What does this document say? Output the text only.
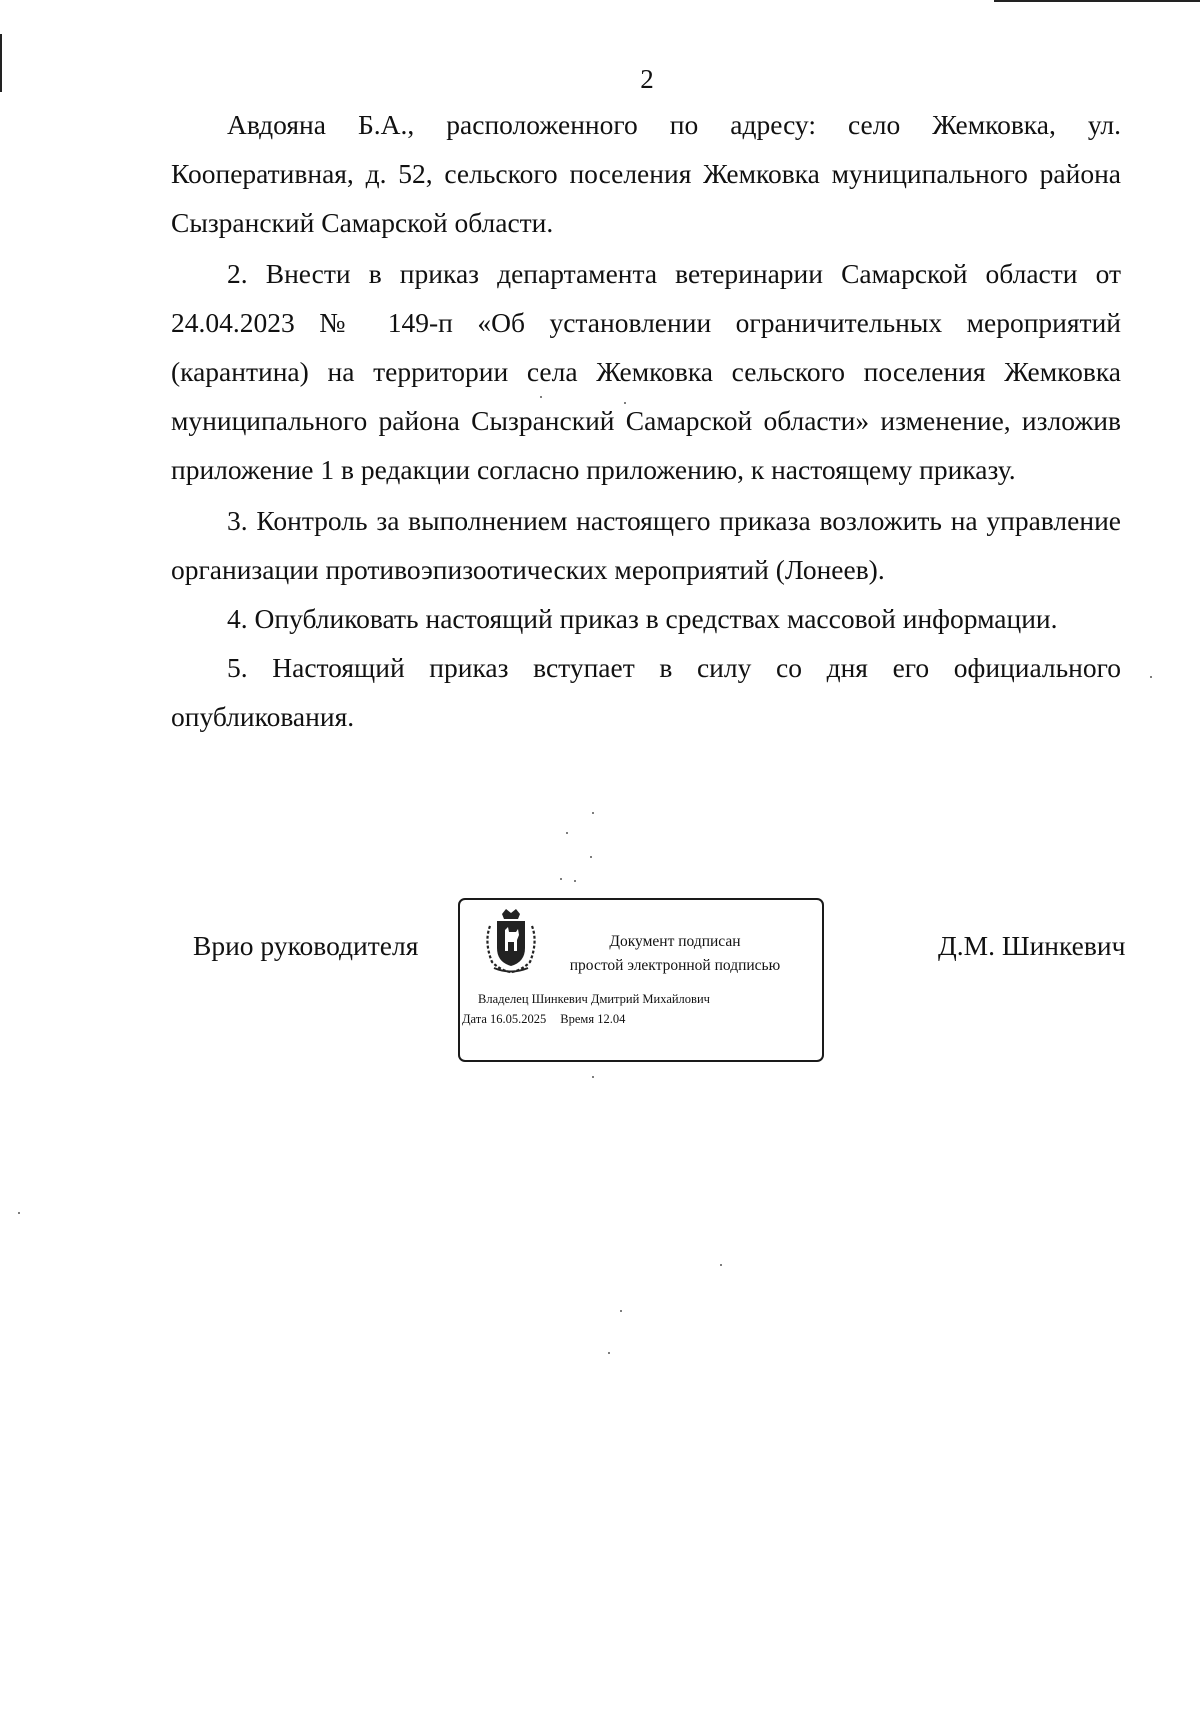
2

Авдояна Б.А., расположенного по адресу: село Жемковка, ул. Кооперативная, д. 52, сельского поселения Жемковка муниципального района Сызранский Самарской области.

2. Внести в приказ департамента ветеринарии Самарской области от 24.04.2023 № 149-п «Об установлении ограничительных мероприятий (карантина) на территории села Жемковка сельского поселения Жемковка муниципального района Сызранский Самарской области» изменение, изложив приложение 1 в редакции согласно приложению, к настоящему приказу.

3. Контроль за выполнением настоящего приказа возложить на управление организации противоэпизоотических мероприятий (Лонеев).

4. Опубликовать настоящий приказ в средствах массовой информации.

5. Настоящий приказ вступает в силу со дня его официального опубликования.

Врио руководителя	Документ подписан
простой электронной подписью
Владелец Шинкевич Дмитрий Михайлович
Дата 16.05.2025 Время 12.04
Д.М. Шинкевич
